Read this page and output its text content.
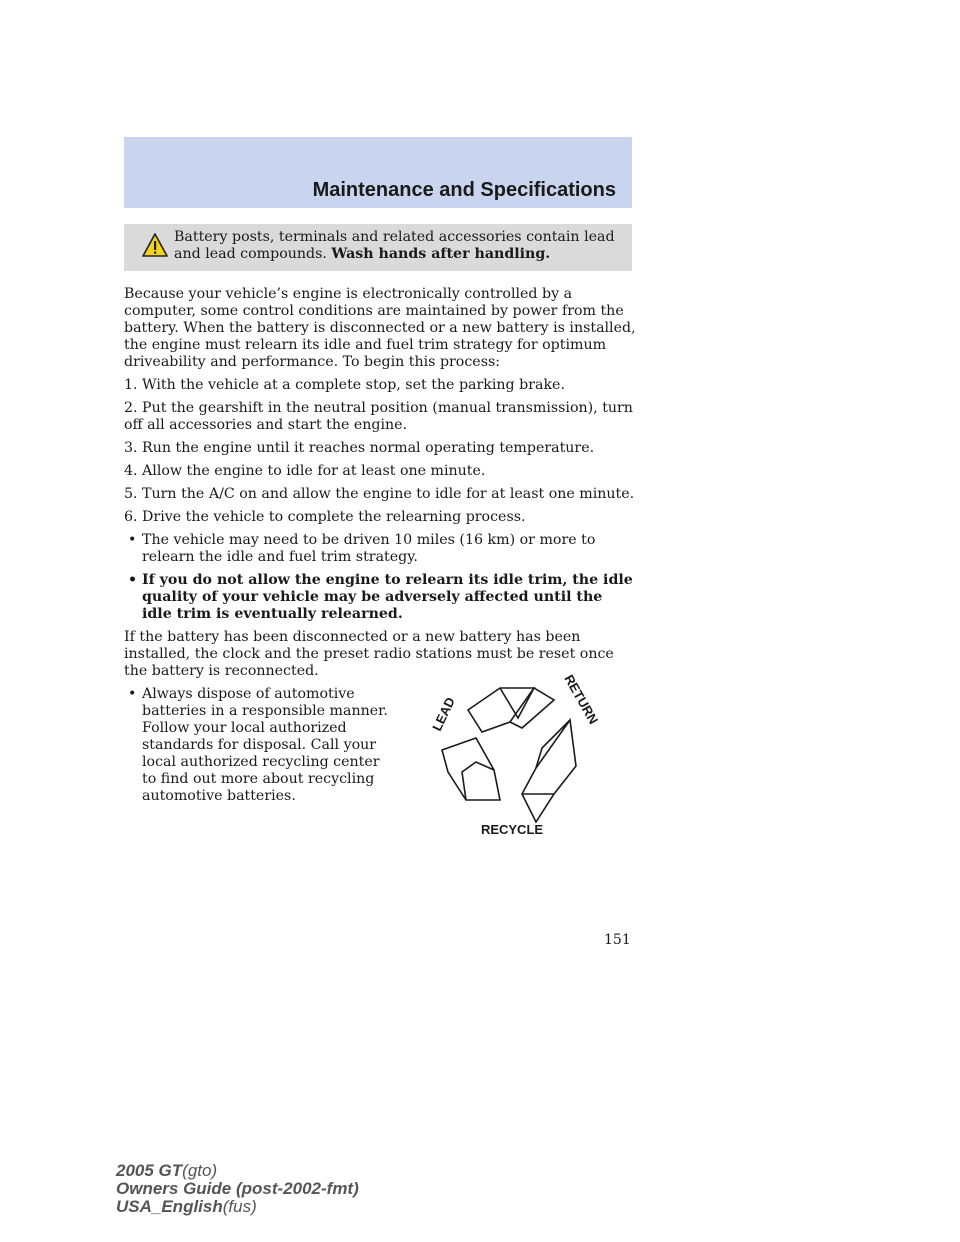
Maintenance and Specifications
Battery posts, terminals and related accessories contain lead and lead compounds. Wash hands after handling.

Because your vehicle’s engine is electronically controlled by a computer, some control conditions are maintained by power from the battery. When the battery is disconnected or a new battery is installed, the engine must relearn its idle and fuel trim strategy for optimum driveability and performance. To begin this process:

1. With the vehicle at a complete stop, set the parking brake.

2. Put the gearshift in the neutral position (manual transmission), turn off all accessories and start the engine.

3. Run the engine until it reaches normal operating temperature.

4. Allow the engine to idle for at least one minute.

5. Turn the A/C on and allow the engine to idle for at least one minute.

6. Drive the vehicle to complete the relearning process.

• The vehicle may need to be driven 10 miles (16 km) or more to relearn the idle and fuel trim strategy.
• If you do not allow the engine to relearn its idle trim, the idle quality of your vehicle may be adversely affected until the idle trim is eventually relearned.

If the battery has been disconnected or a new battery has been installed, the clock and the preset radio stations must be reset once the battery is reconnected.

• Always dispose of automotive batteries in a responsible manner. Follow your local authorized standards for disposal. Call your local authorized recycling center to find out more about recycling automotive batteries.
LEAD
RETURN
RECYCLE
151
2005 GT(gto)
Owners Guide (post-2002-fmt)
USA_English(fus)
